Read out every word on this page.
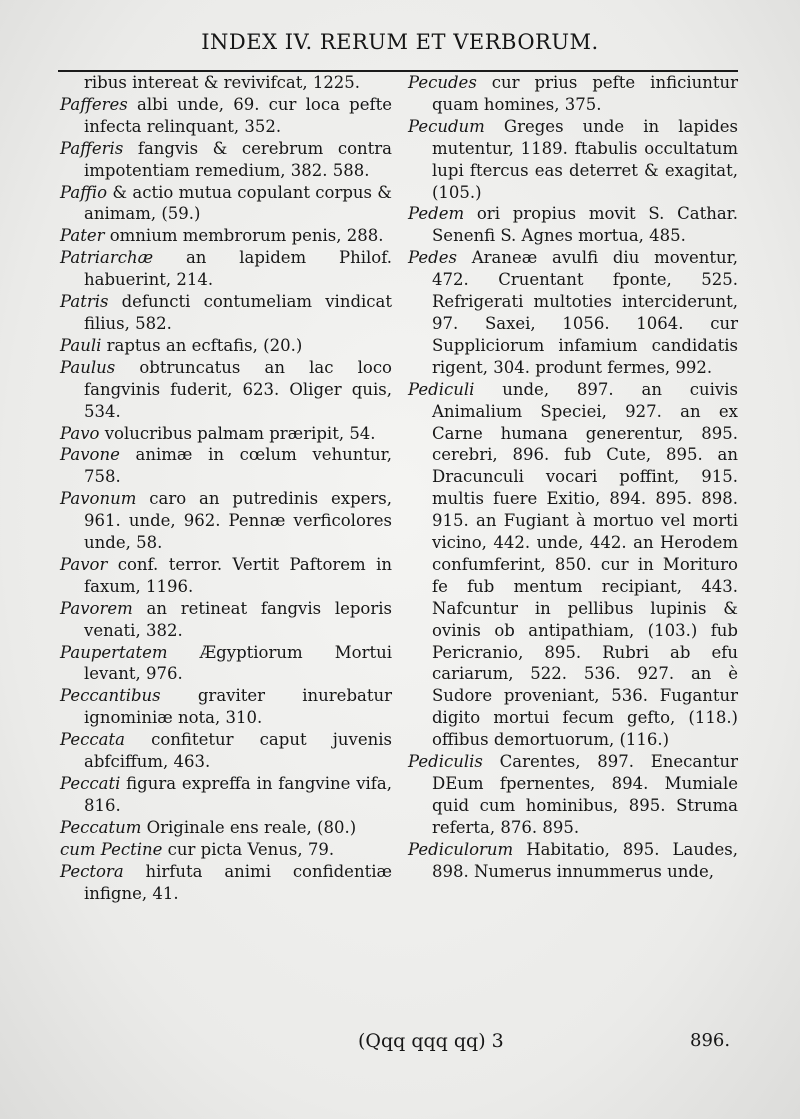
INDEX IV. RERUM ET VERBORUM.

ribus intereat & revivifcat, 1225.

Pafferes albi unde, 69. cur loca pefte infecta relinquant, 352.

Pafferis fangvis & cerebrum contra impotentiam remedium, 382. 588.

Paffio & actio mutua copulant corpus & animam, (59.)

Pater omnium membrorum penis, 288.

Patriarchæ an lapidem Philof. habuerint, 214.

Patris defuncti contumeliam vindicat filius, 582.

Pauli raptus an ecftafis, (20.)

Paulus obtruncatus an lac loco fangvinis fuderit, 623. Oliger quis, 534.

Pavo volucribus palmam præripit, 54.

Pavone animæ in cœlum vehuntur, 758.

Pavonum caro an putredinis expers, 961. unde, 962. Pennæ verficolores unde, 58.

Pavor conf. terror. Vertit Paftorem in faxum, 1196.

Pavorem an retineat fangvis leporis venati, 382.

Paupertatem Ægyptiorum Mortui levant, 976.

Peccantibus graviter inurebatur ignominiæ nota, 310.

Peccata confitetur caput juvenis abfciffum, 463.

Peccati figura expreffa in fangvine vifa, 816.

Peccatum Originale ens reale, (80.)

cum Pectine cur picta Venus, 79.

Pectora hirfuta animi confidentiæ infigne, 41.

Pecudes cur prius pefte inficiuntur quam homines, 375.

Pecudum Greges unde in lapides mutentur, 1189. ftabulis occultatum lupi ftercus eas deterret & exagitat, (105.)

Pedem ori propius movit S. Cathar. Senenfi S. Agnes mortua, 485.

Pedes Araneæ avulfi diu moventur, 472. Cruentant fponte, 525. Refrigerati multoties interciderunt, 97. Saxei, 1056. 1064. cur Suppliciorum infamium candidatis rigent, 304. produnt fermes, 992.

Pediculi unde, 897. an cuivis Animalium Speciei, 927. an ex Carne humana generentur, 895. cerebri, 896. fub Cute, 895. an Dracunculi vocari poffint, 915. multis fuere Exitio, 894. 895. 898. 915. an Fugiant à mortuo vel morti vicino, 442. unde, 442. an Herodem confumferint, 850. cur in Morituro fe fub mentum recipiant, 443. Nafcuntur in pellibus lupinis & ovinis ob antipathiam, (103.) fub Pericranio, 895. Rubri ab efu cariarum, 522. 536. 927. an è Sudore proveniant, 536. Fugantur digito mortui fecum gefto, (118.) offibus demortuorum, (116.)

Pediculis Carentes, 897. Enecantur DEum fpernentes, 894. Mumiale quid cum hominibus, 895. Struma referta, 876. 895.

Pediculorum Habitatio, 895. Laudes, 898. Numerus innummerus unde,

(Qqq qqq qq) 3	896.
